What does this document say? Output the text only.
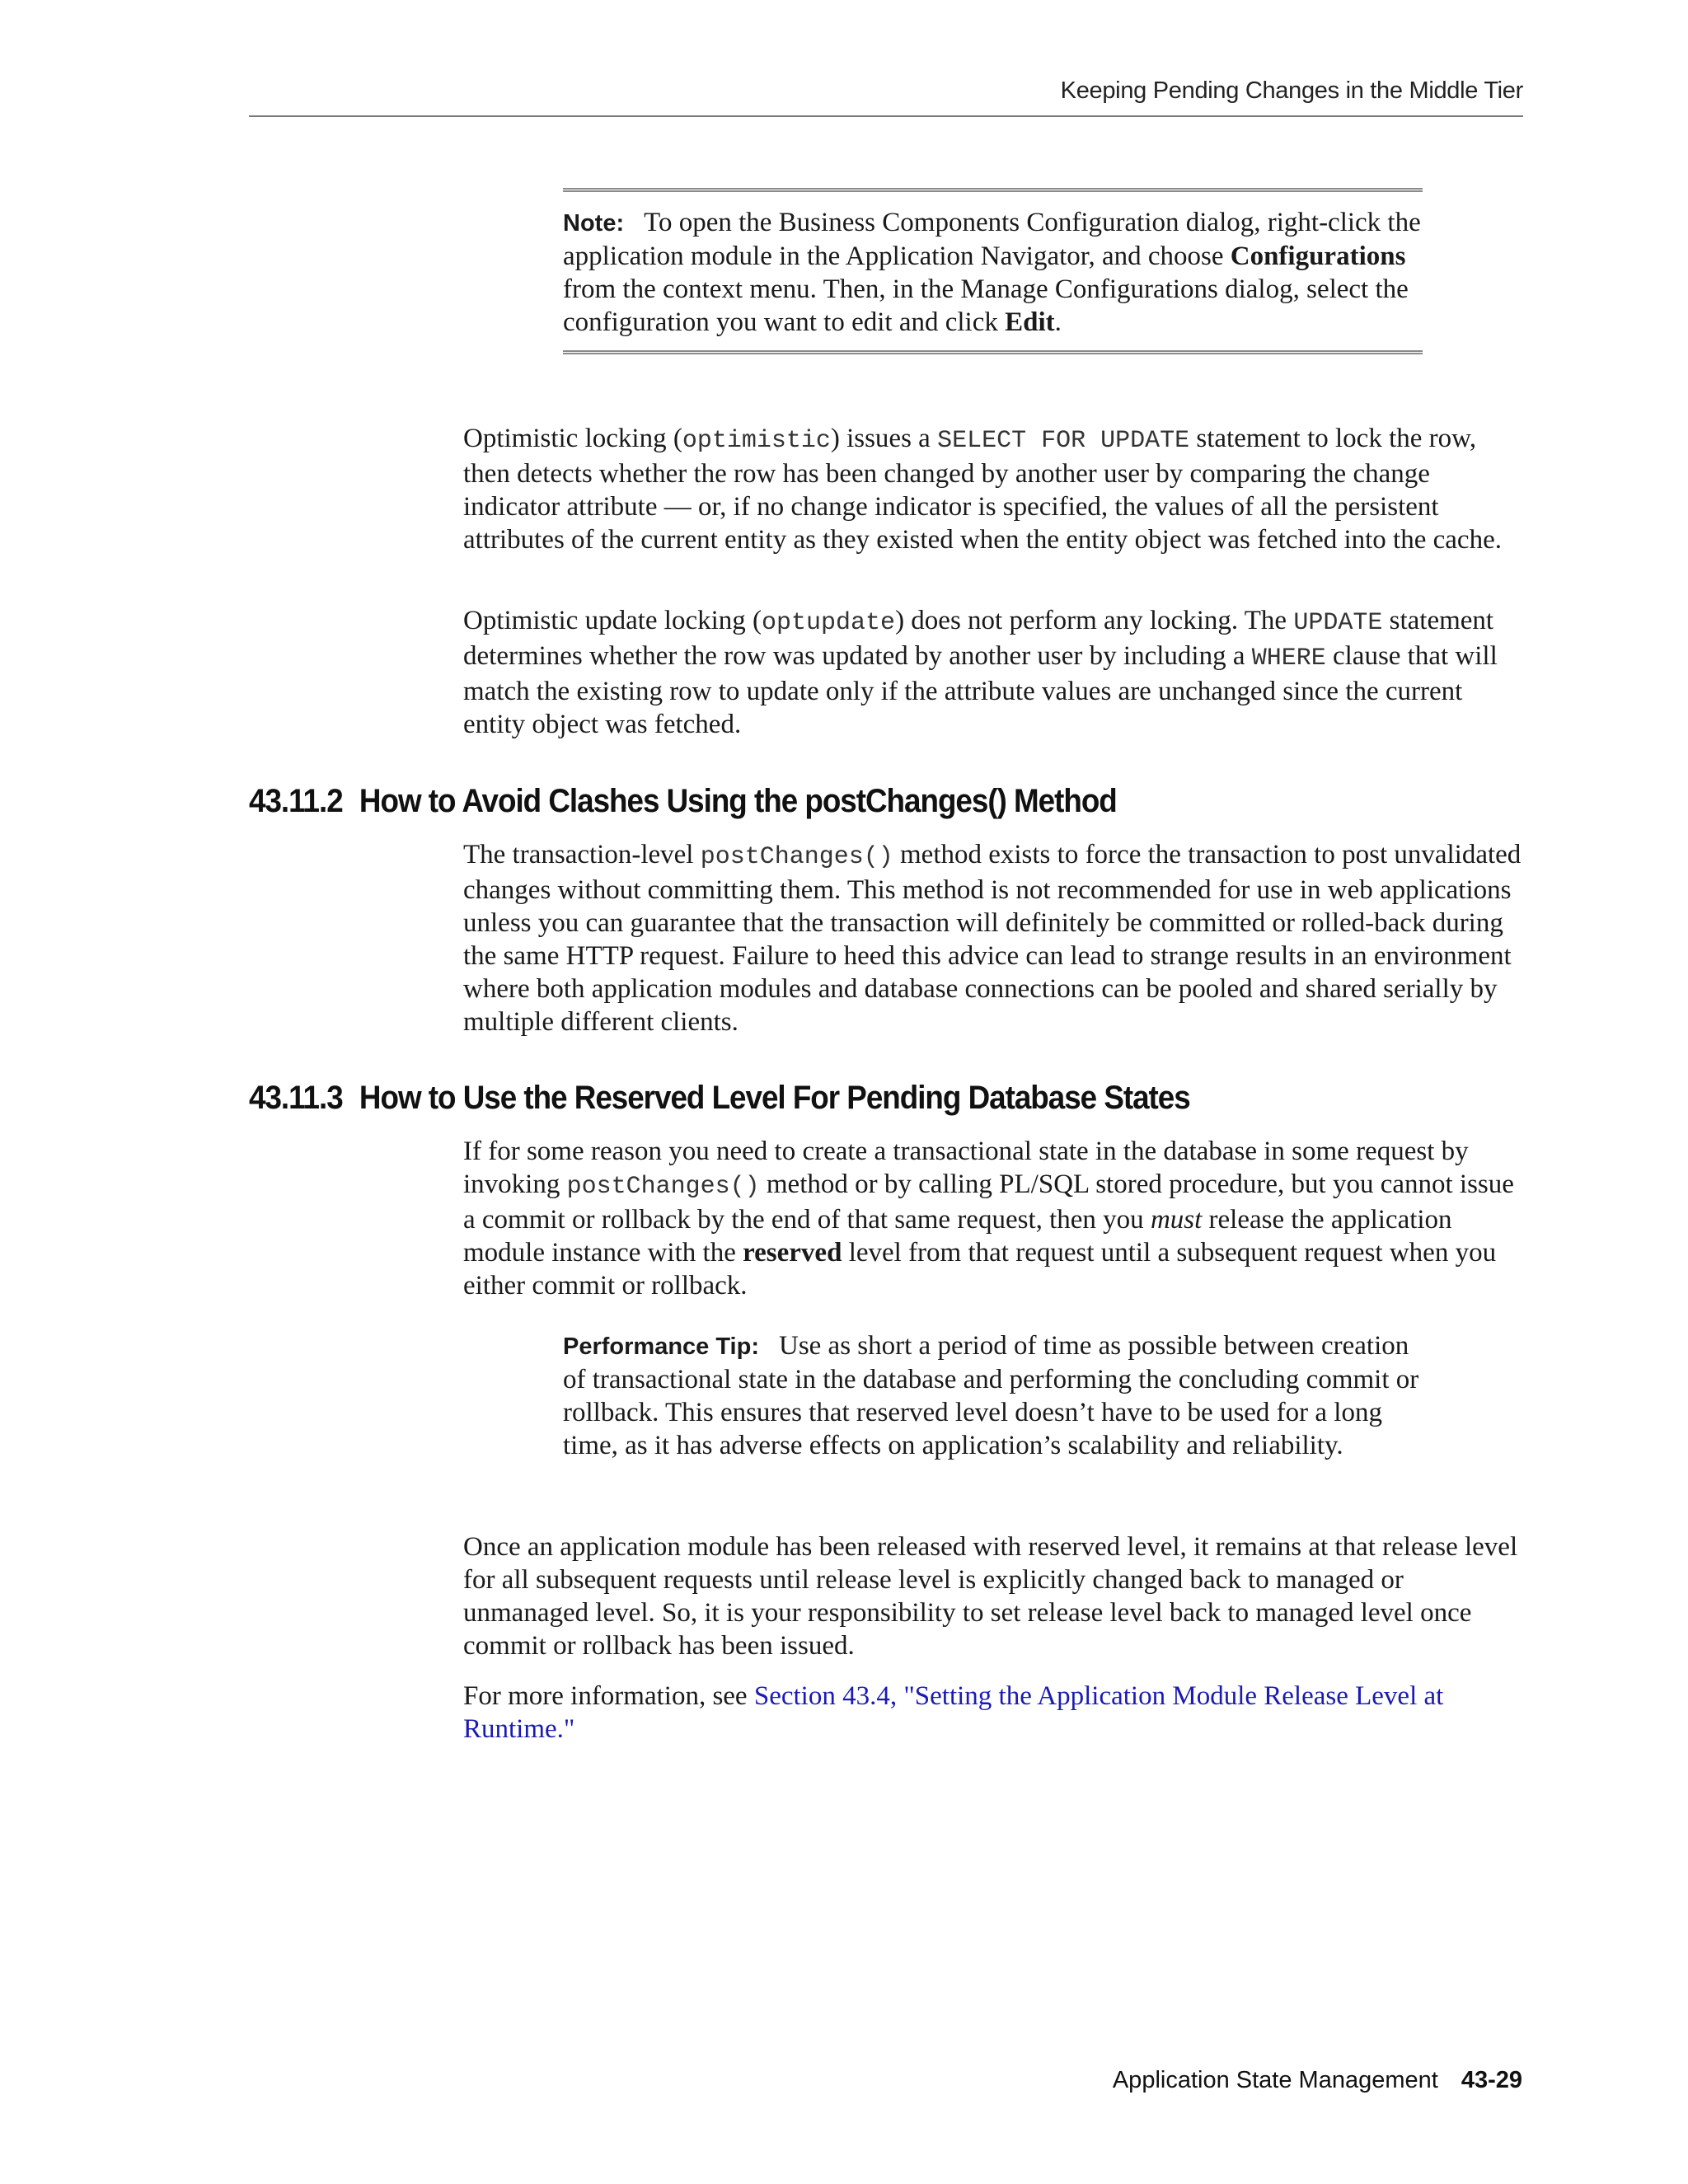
Keeping Pending Changes in the Middle Tier
Note: To open the Business Components Configuration dialog, right-click the application module in the Application Navigator, and choose Configurations from the context menu. Then, in the Manage Configurations dialog, select the configuration you want to edit and click Edit.
Optimistic locking (optimistic) issues a SELECT FOR UPDATE statement to lock the row, then detects whether the row has been changed by another user by comparing the change indicator attribute — or, if no change indicator is specified, the values of all the persistent attributes of the current entity as they existed when the entity object was fetched into the cache.
Optimistic update locking (optupdate) does not perform any locking. The UPDATE statement determines whether the row was updated by another user by including a WHERE clause that will match the existing row to update only if the attribute values are unchanged since the current entity object was fetched.
43.11.2 How to Avoid Clashes Using the postChanges() Method
The transaction-level postChanges() method exists to force the transaction to post unvalidated changes without committing them. This method is not recommended for use in web applications unless you can guarantee that the transaction will definitely be committed or rolled-back during the same HTTP request. Failure to heed this advice can lead to strange results in an environment where both application modules and database connections can be pooled and shared serially by multiple different clients.
43.11.3 How to Use the Reserved Level For Pending Database States
If for some reason you need to create a transactional state in the database in some request by invoking postChanges() method or by calling PL/SQL stored procedure, but you cannot issue a commit or rollback by the end of that same request, then you must release the application module instance with the reserved level from that request until a subsequent request when you either commit or rollback.
Performance Tip: Use as short a period of time as possible between creation of transactional state in the database and performing the concluding commit or rollback. This ensures that reserved level doesn’t have to be used for a long time, as it has adverse effects on application’s scalability and reliability.
Once an application module has been released with reserved level, it remains at that release level for all subsequent requests until release level is explicitly changed back to managed or unmanaged level. So, it is your responsibility to set release level back to managed level once commit or rollback has been issued.
For more information, see Section 43.4, "Setting the Application Module Release Level at Runtime."
Application State Management 43-29
